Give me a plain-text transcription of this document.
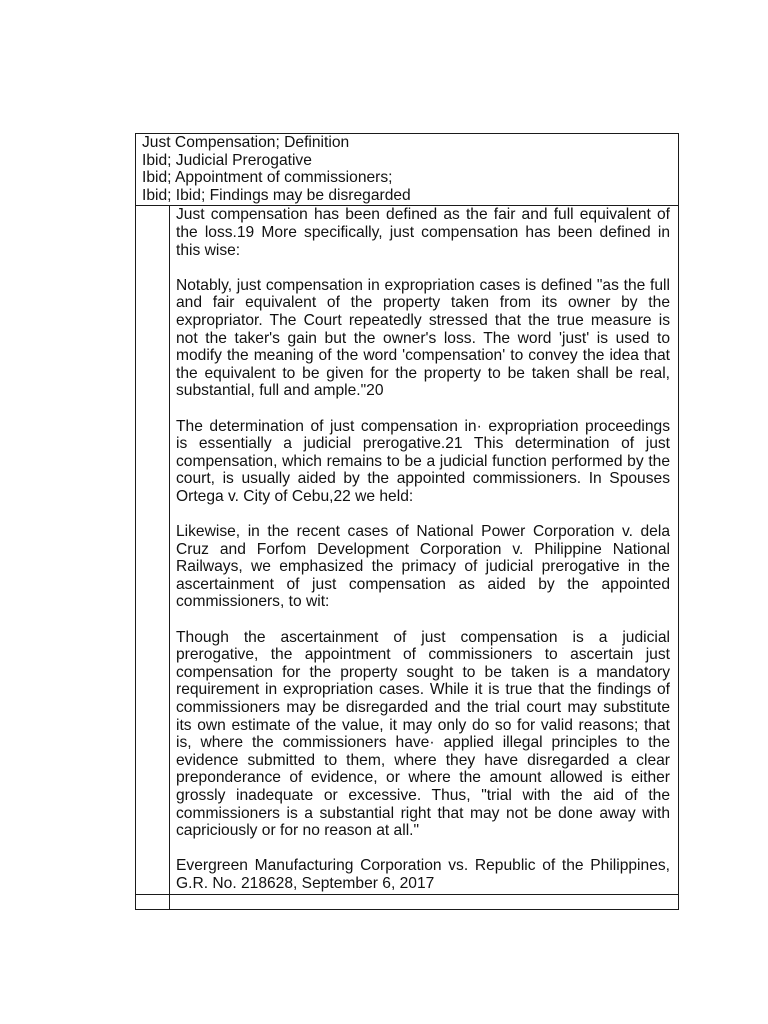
Just Compensation; Definition
Ibid; Judicial Prerogative
Ibid; Appointment of commissioners;
Ibid; Ibid; Findings may be disregarded

Just compensation has been defined as the fair and full equivalent of the loss.19 More specifically, just compensation has been defined in this wise:

Notably, just compensation in expropriation cases is defined "as the full and fair equivalent of the property taken from its owner by the expropriator. The Court repeatedly stressed that the true measure is not the taker's gain but the owner's loss. The word 'just' is used to modify the meaning of the word 'compensation' to convey the idea that the equivalent to be given for the property to be taken shall be real, substantial, full and ample."20

The determination of just compensation in· expropriation proceedings is essentially a judicial prerogative.21 This determination of just compensation, which remains to be a judicial function performed by the court, is usually aided by the appointed commissioners. In Spouses Ortega v. City of Cebu,22 we held:

Likewise, in the recent cases of National Power Corporation v. dela Cruz and Forfom Development Corporation v. Philippine National Railways, we emphasized the primacy of judicial prerogative in the ascertainment of just compensation as aided by the appointed commissioners, to wit:

Though the ascertainment of just compensation is a judicial prerogative, the appointment of commissioners to ascertain just compensation for the property sought to be taken is a mandatory requirement in expropriation cases. While it is true that the findings of commissioners may be disregarded and the trial court may substitute its own estimate of the value, it may only do so for valid reasons; that is, where the commissioners have· applied illegal principles to the evidence submitted to them, where they have disregarded a clear preponderance of evidence, or where the amount allowed is either grossly inadequate or excessive. Thus, "trial with the aid of the commissioners is a substantial right that may not be done away with capriciously or for no reason at all."

Evergreen Manufacturing Corporation vs. Republic of the Philippines, G.R. No. 218628, September 6, 2017
